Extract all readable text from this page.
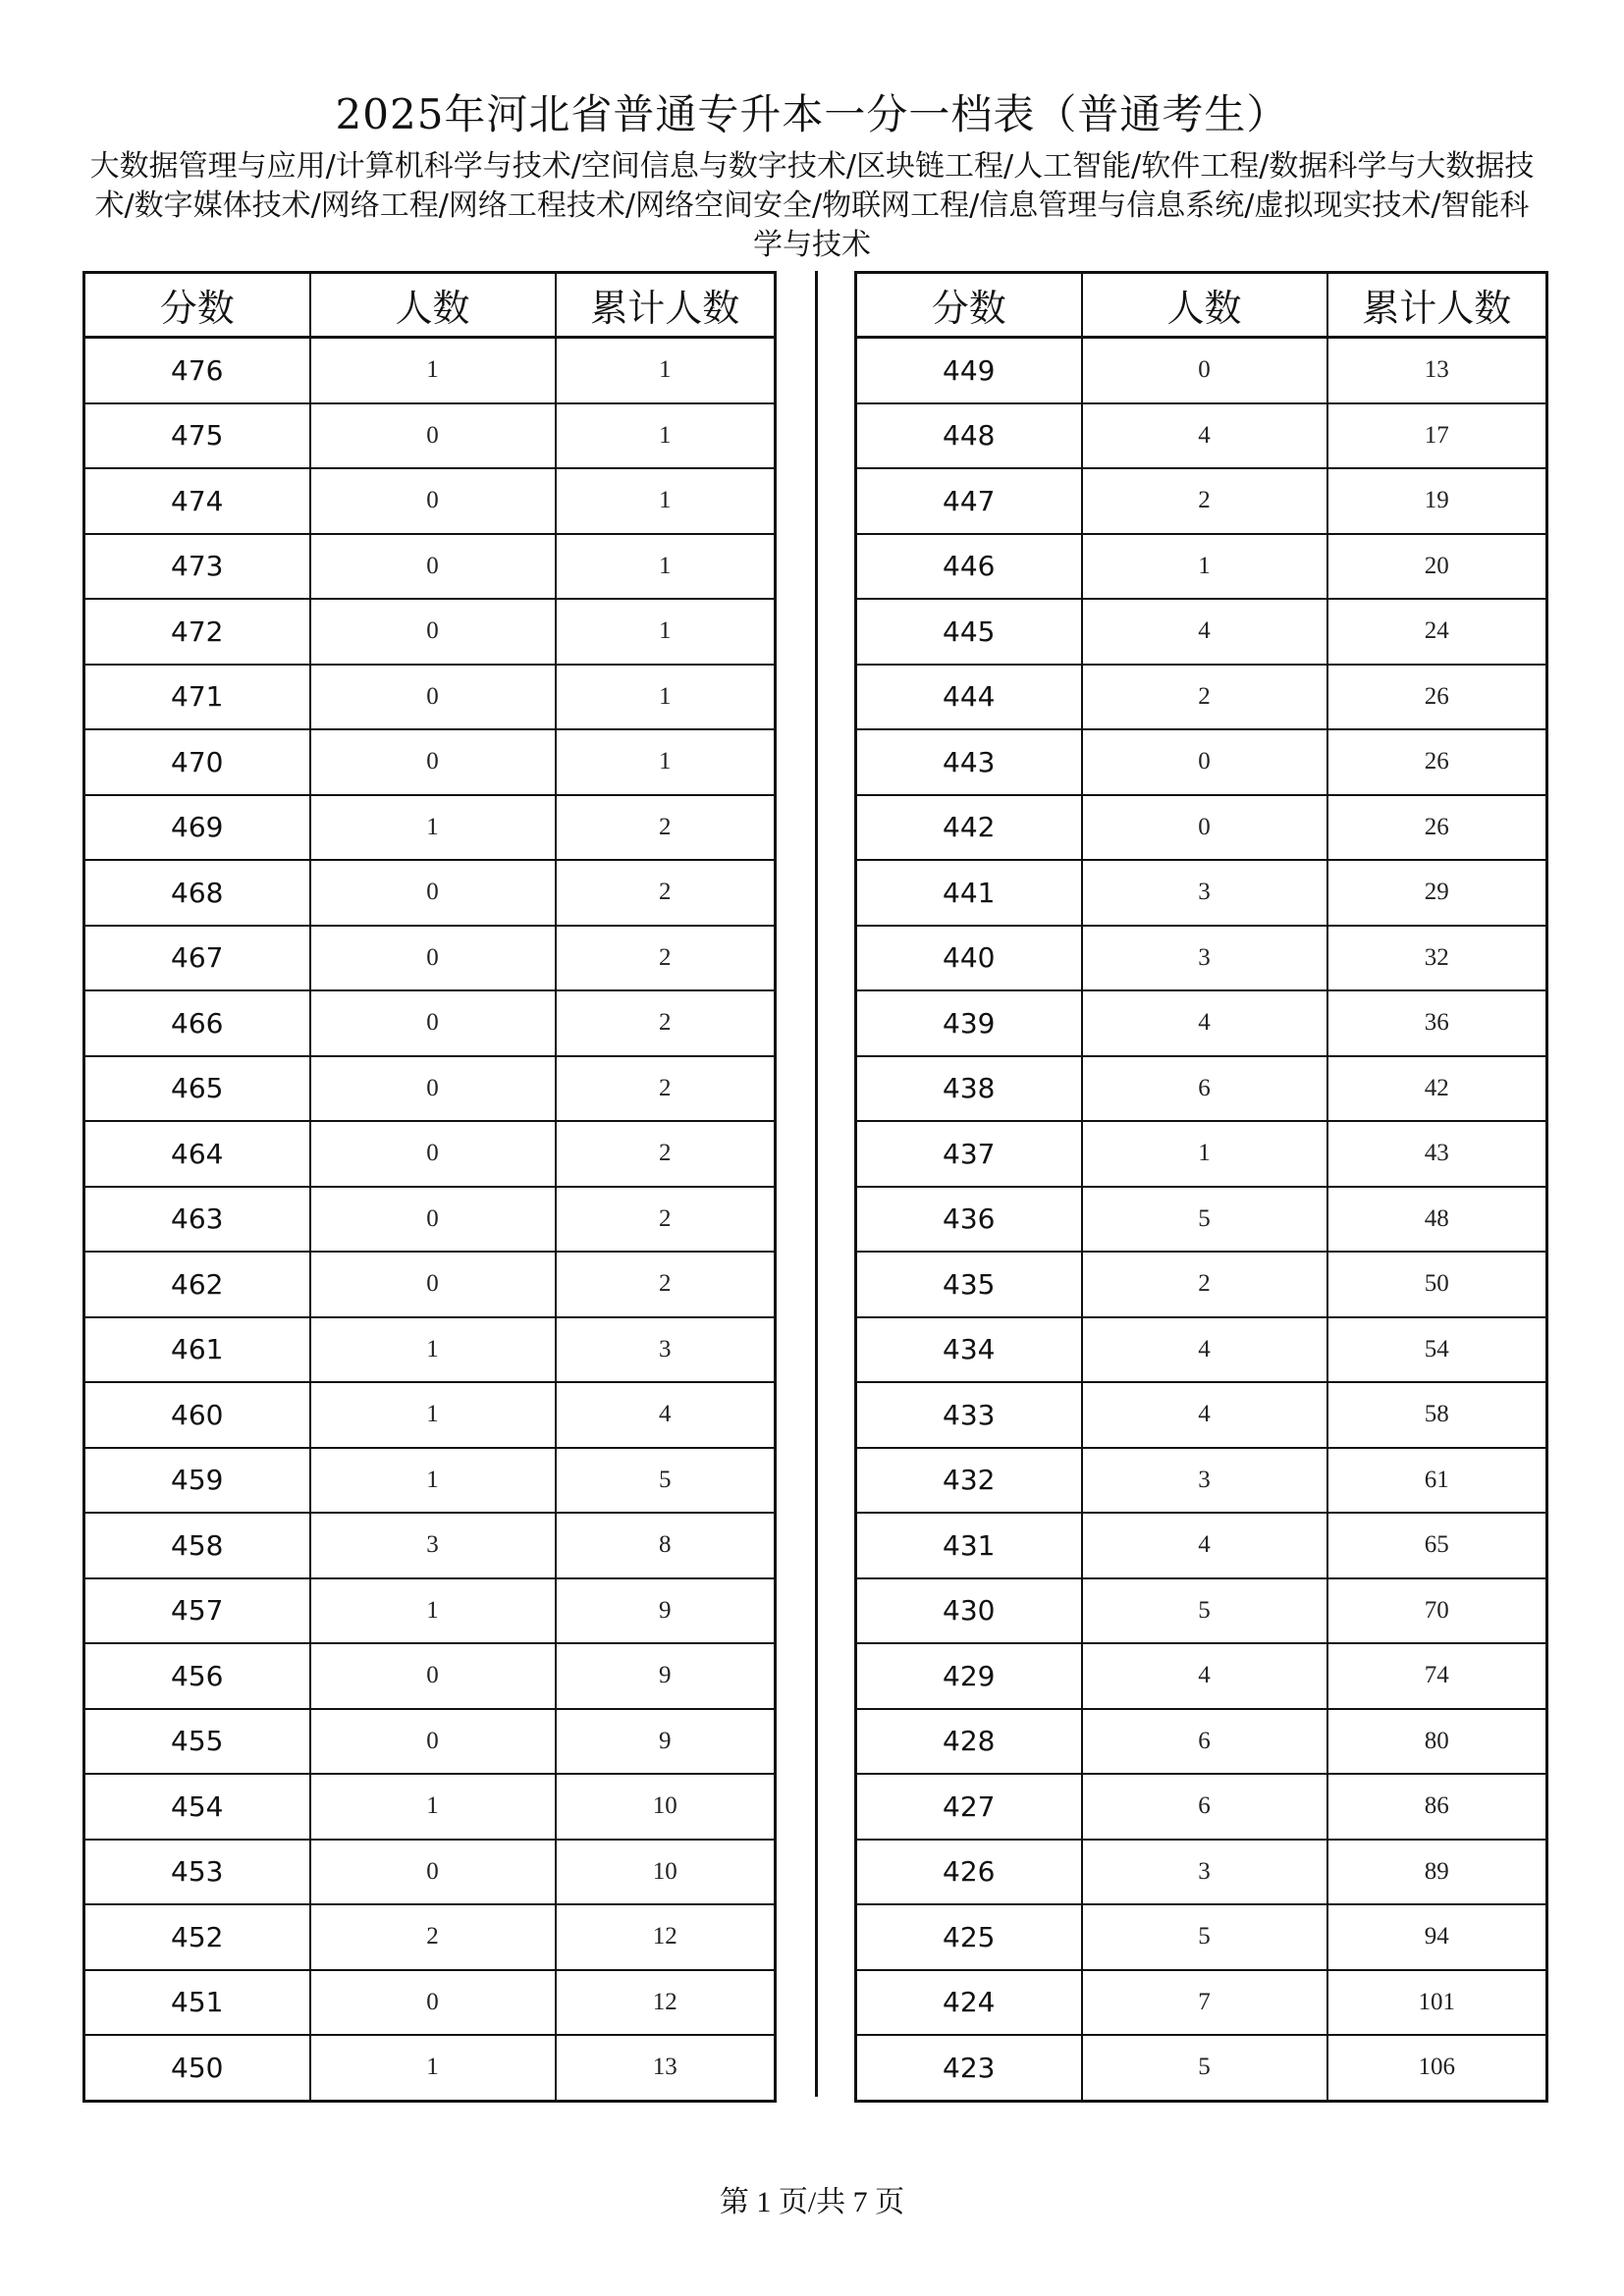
2025年河北省普通专升本一分一档表（普通考生）
大数据管理与应用/计算机科学与技术/空间信息与数字技术/区块链工程/人工智能/软件工程/数据科学与大数据技术/数字媒体技术/网络工程/网络工程技术/网络空间安全/物联网工程/信息管理与信息系统/虚拟现实技术/智能科学与技术
分数	人数	累计人数
476	1	1
475	0	1
474	0	1
473	0	1
472	0	1
471	0	1
470	0	1
469	1	2
468	0	2
467	0	2
466	0	2
465	0	2
464	0	2
463	0	2
462	0	2
461	1	3
460	1	4
459	1	5
458	3	8
457	1	9
456	0	9
455	0	9
454	1	10
453	0	10
452	2	12
451	0	12
450	1	13
分数	人数	累计人数
449	0	13
448	4	17
447	2	19
446	1	20
445	4	24
444	2	26
443	0	26
442	0	26
441	3	29
440	3	32
439	4	36
438	6	42
437	1	43
436	5	48
435	2	50
434	4	54
433	4	58
432	3	61
431	4	65
430	5	70
429	4	74
428	6	80
427	6	86
426	3	89
425	5	94
424	7	101
423	5	106
第 1 页/共 7 页
